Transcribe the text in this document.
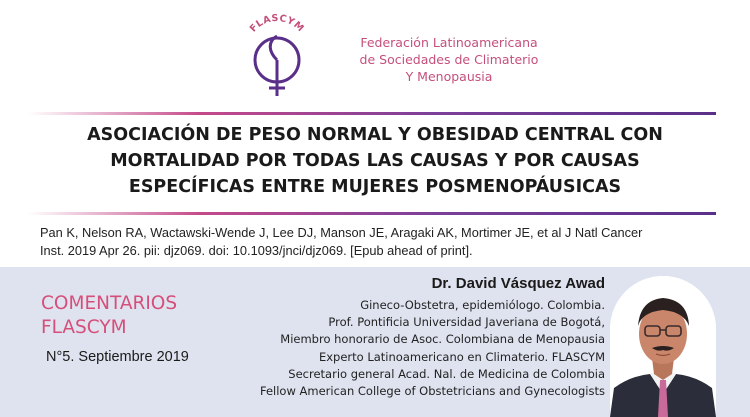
FLASCYM
Federación Latinoamericana
de Sociedades de Climaterio
Y Menopausia
ASOCIACIÓN DE PESO NORMAL Y OBESIDAD CENTRAL CON
MORTALIDAD POR TODAS LAS CAUSAS Y POR CAUSAS
ESPECÍFICAS ENTRE MUJERES POSMENOPÁUSICAS
Pan K, Nelson RA, Wactawski-Wende J, Lee DJ, Manson JE, Aragaki AK, Mortimer JE, et al J Natl Cancer
Inst. 2019 Apr 26. pii: djz069. doi: 10.1093/jnci/djz069. [Epub ahead of print].
COMENTARIOS
FLASCYM
N°5. Septiembre 2019
Dr. David Vásquez Awad
Gineco-Obstetra, epidemiólogo. Colombia.
Prof. Pontificia Universidad Javeriana de Bogotá,
Miembro honorario de Asoc. Colombiana de Menopausia
Experto Latinoamericano en Climaterio. FLASCYM
Secretario general Acad. Nal. de Medicina de Colombia
Fellow American College of Obstetricians and Gynecologists
